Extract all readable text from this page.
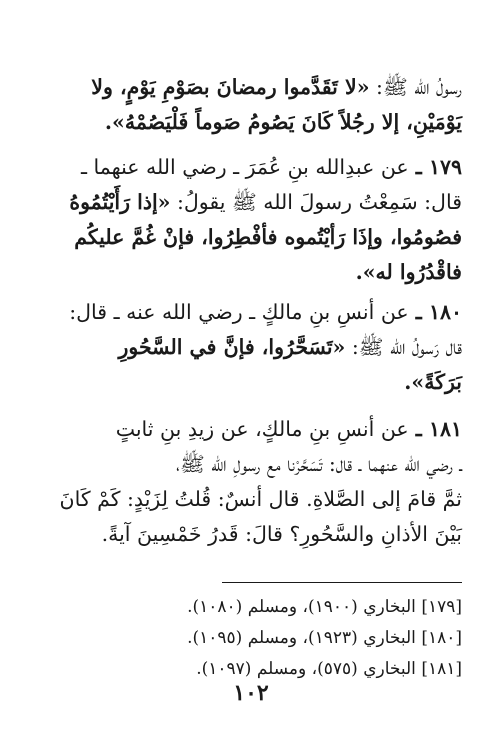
رسولُ الله ﷺ: «لا تَقَدَّموا رمضانَ بصَوْمِ يَوْمٍ، ولا
يَوْمَيْنِ، إلا رجُلاً كَانَ يَصُومُ صَوماً فَلْيَصُمْهُ».
١٧٩ ـ عن عبدِالله بنِ عُمَرَ ـ رضي الله عنهما ـ
قال: سَمِعْتُ رسولَ الله ﷺ يقولُ: «إذا رَأَيْتُمُوهُ
فصُومُوا، وإذَا رَأيْتُموه فأفْطِرُوا، فإنْ غُمَّ عليكُم
فاقْدُرُوا له».
١٨٠ ـ عن أنسِ بنِ مالكٍ ـ رضي الله عنه ـ قال:
قال رَسولُ الله ﷺ: «تَسَحَّرُوا، فإنَّ في السَّحُورِ
بَرَكَةً».
١٨١ ـ عن أنسِ بنِ مالكٍ، عن زيدِ بنِ ثابتٍ
ـ رضي الله عنهما ـ قال: تَسَحَّرْنا مع رسولِ الله ﷺ،
ثمَّ قامَ إلى الصَّلاةِ. قال أنسٌ: قُلتُ لِزَيْدٍ: كَمْ كَانَ
بَيْنَ الأذانِ والسَّحُورِ؟ قالَ: قَدرُ خَمْسِينَ آيةً.
[١٧٩] البخاري (١٩٠٠)، ومسلم (١٠٨٠).
[١٨٠] البخاري (١٩٢٣)، ومسلم (١٠٩٥).
[١٨١] البخاري (٥٧٥)، ومسلم (١٠٩٧).
١٠٢
